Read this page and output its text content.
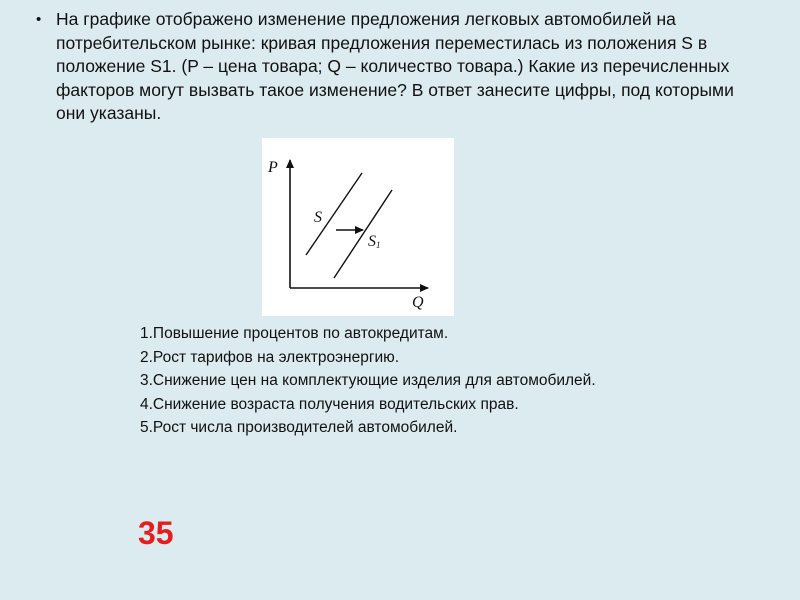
• На графике отображено изменение предложения легковых автомобилей на потребительском рынке: кривая предложения переместилась из положения S в положение S1. (P – цена товара; Q – количество товара.) Какие из перечисленных факторов могут вызвать такое изменение? В ответ занесите цифры, под которыми они указаны.
P
Q
S
S1
1.Повышение процентов по автокредитам.
2.Рост тарифов на электроэнергию.
3.Снижение цен на комплектующие изделия для автомобилей.
4.Снижение возраста получения водительских прав.
5.Рост числа производителей автомобилей.
35
